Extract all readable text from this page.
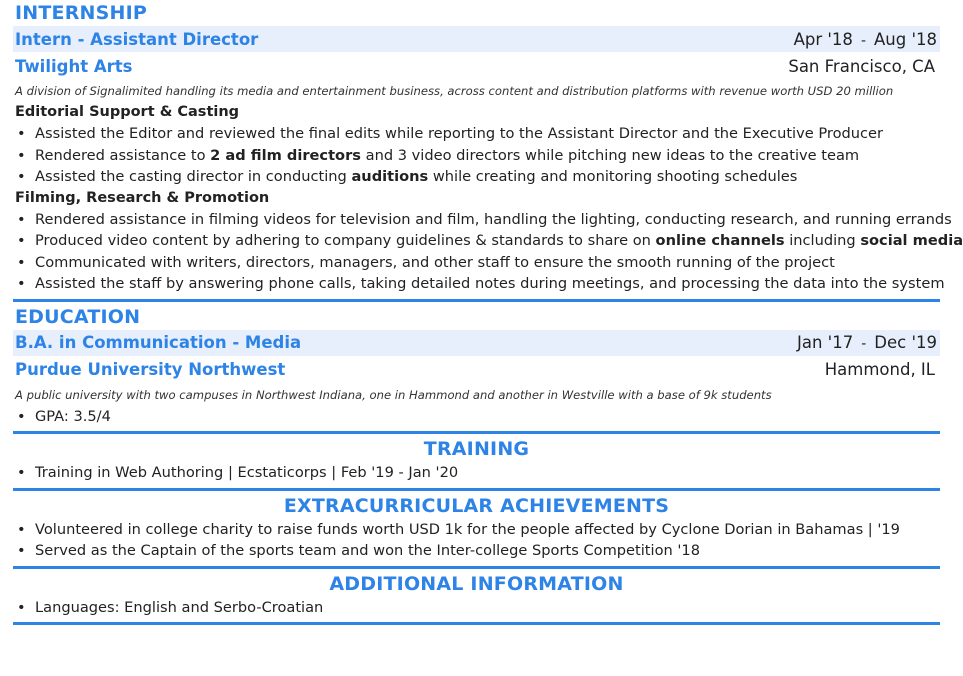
INTERNSHIP
Intern - Assistant Director	Apr '18 - Aug '18
Twilight Arts	San Francisco, CA
A division of Signalimited handling its media and entertainment business, across content and distribution platforms with revenue worth USD 20 million
Editorial Support & Casting
• Assisted the Editor and reviewed the final edits while reporting to the Assistant Director and the Executive Producer
• Rendered assistance to 2 ad film directors and 3 video directors while pitching new ideas to the creative team
• Assisted the casting director in conducting auditions while creating and monitoring shooting schedules
Filming, Research & Promotion
• Rendered assistance in filming videos for television and film, handling the lighting, conducting research, and running errands
• Produced video content by adhering to company guidelines & standards to share on online channels including social media
• Communicated with writers, directors, managers, and other staff to ensure the smooth running of the project
• Assisted the staff by answering phone calls, taking detailed notes during meetings, and processing the data into the system
EDUCATION
B.A. in Communication - Media	Jan '17 - Dec '19
Purdue University Northwest	Hammond, IL
A public university with two campuses in Northwest Indiana, one in Hammond and another in Westville with a base of 9k students
• GPA: 3.5/4
TRAINING
• Training in Web Authoring | Ecstaticorps | Feb '19 - Jan '20
EXTRACURRICULAR ACHIEVEMENTS
• Volunteered in college charity to raise funds worth USD 1k for the people affected by Cyclone Dorian in Bahamas | '19
• Served as the Captain of the sports team and won the Inter-college Sports Competition '18
ADDITIONAL INFORMATION
• Languages: English and Serbo-Croatian
